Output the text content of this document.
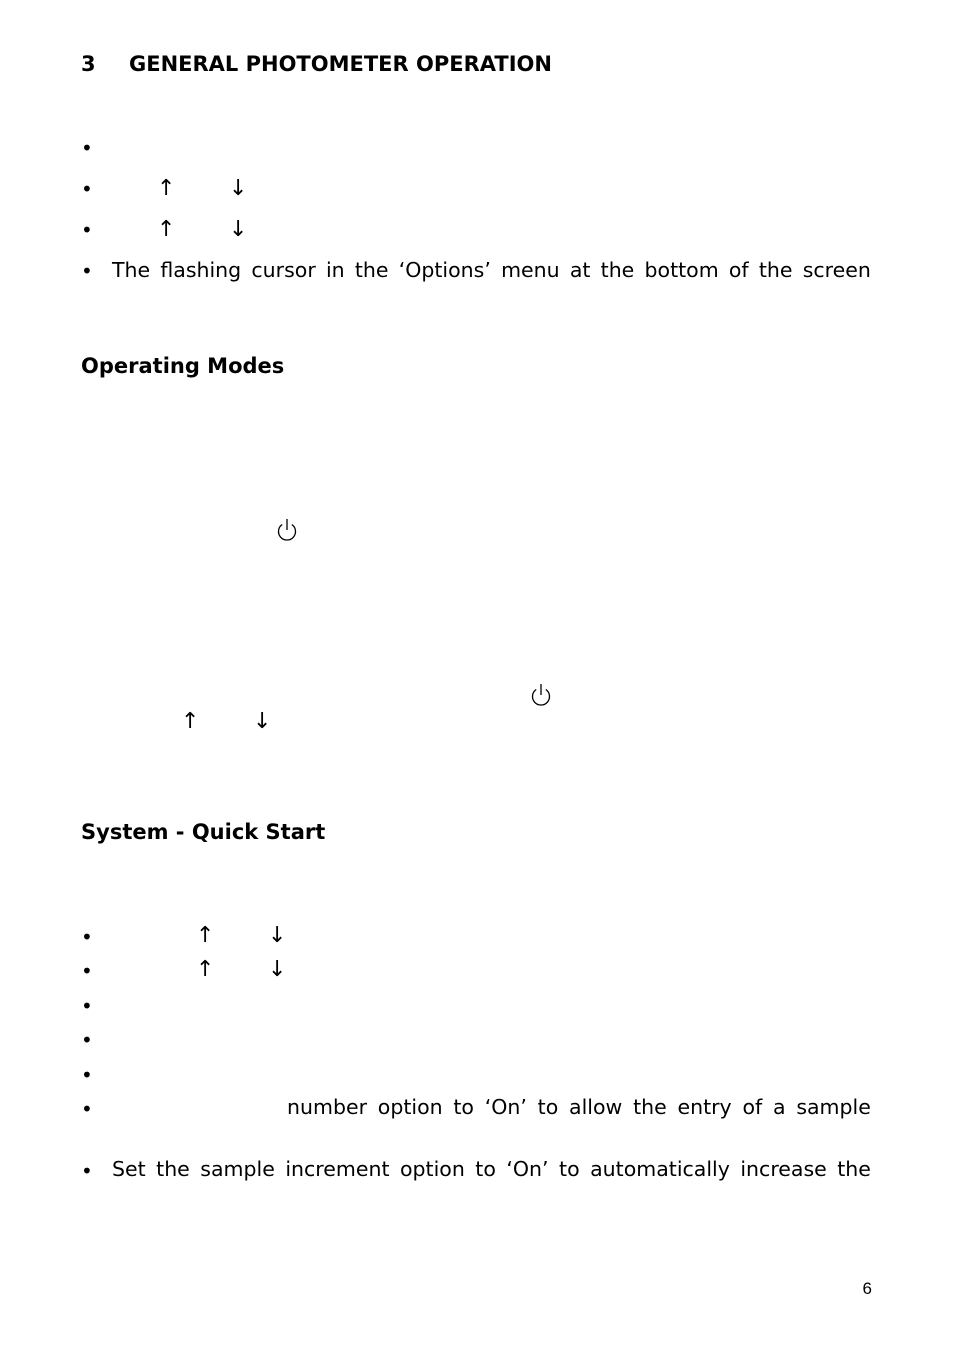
3 GENERAL PHOTOMETER OPERATION
•
•	↑ ↓
•	↑ ↓
• The flashing cursor in the ‘Options’ menu at the bottom of the screen
Operating Modes
↑ ↓
System - Quick Start
•	↑ ↓
•	↑ ↓
•
•
•
•	number option to ‘On’ to allow the entry of a sample
• Set the sample increment option to ‘On’ to automatically increase the
6
